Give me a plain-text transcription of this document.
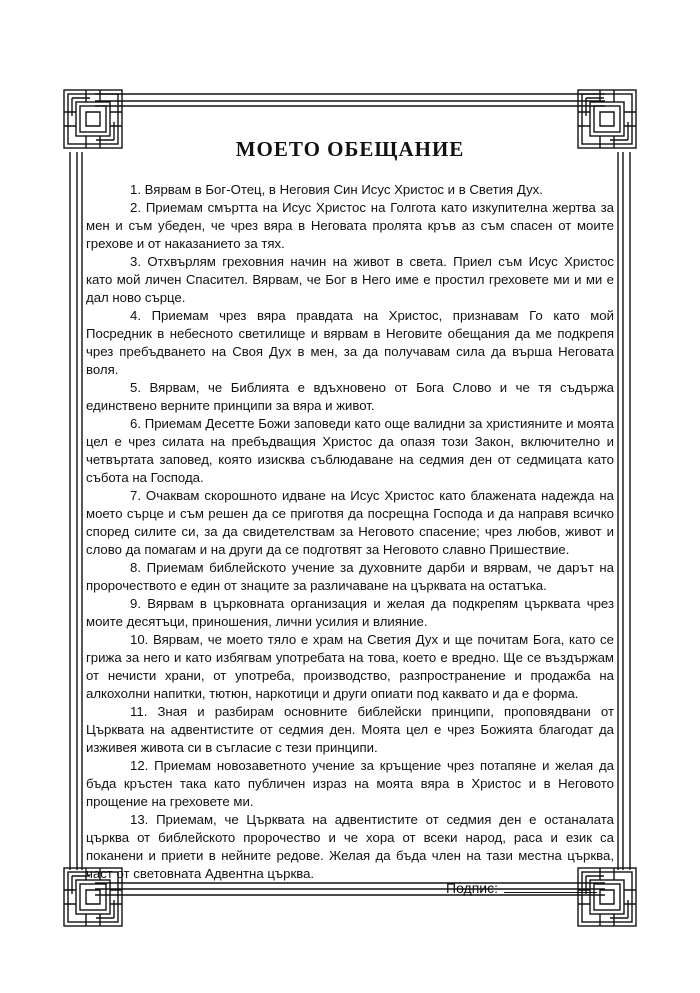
МОЕТО ОБЕЩАНИЕ

1. Вярвам в Бог-Отец, в Неговия Син Исус Христос и в Светия Дух.

2. Приемам смъртта на Исус Христос на Голгота като изкупителна жертва за мен и съм убеден, че чрез вяра в Неговата пролята кръв аз съм спасен от моите грехове и от наказанието за тях.

3. Отхвърлям греховния начин на живот в света. Приел съм Исус Христос като мой личен Спасител. Вярвам, че Бог в Него име е простил греховете ми и ми е дал ново сърце.

4. Приемам чрез вяра правдата на Христос, признавам Го като мой Посредник в небесното светилище и вярвам в Неговите обещания да ме подкрепя чрез пребъдването на Своя Дух в мен, за да получавам сила да върша Неговата воля.

5. Вярвам, че Библията е вдъхновено от Бога Слово и че тя съдържа единствено верните принципи за вяра и живот.

6. Приемам Десетте Божи заповеди като още валидни за християните и моята цел е чрез силата на пребъдващия Христос да опазя този Закон, включително и четвъртата заповед, която изисква съблюдаване на седмия ден от седмицата като събота на Господа.

7. Очаквам скорошното идване на Исус Христос като блажената надежда на моето сърце и съм решен да се приготвя да посрещна Господа и да направя всичко според силите си, за да свидетелствам за Неговото спасение; чрез любов, живот и слово да помагам и на други да се подготвят за Неговото славно Пришествие.

8. Приемам библейското учение за духовните дарби и вярвам, че дарът на пророчеството е един от знаците за различаване на църквата на остатъка.

9. Вярвам в църковната организация и желая да подкрепям църквата чрез моите десятъци, приношения, лични усилия и влияние.

10. Вярвам, че моето тяло е храм на Светия Дух и ще почитам Бога, като се грижа за него и като избягвам употребата на това, което е вредно. Ще се въздържам от нечисти храни, от употреба, производство, разпространение и продажба на алкохолни напитки, тютюн, наркотици и други опиати под каквато и да е форма.

11. Зная и разбирам основните библейски принципи, проповядвани от Църквата на адвентистите от седмия ден. Моята цел е чрез Божията благодат да изживея живота си в съгласие с тези принципи.

12. Приемам новозаветното учение за кръщение чрез потапяне и желая да бъда кръстен така като публичен израз на моята вяра в Христос и в Неговото прощение на греховете ми.

13. Приемам, че Църквата на адвентистите от седмия ден е останалата църква от библейското пророчество и че хора от всеки народ, раса и език са поканени и приети в нейните редове. Желая да бъда член на тази местна църква, част от световната Адвентна църква.

Подпис:
